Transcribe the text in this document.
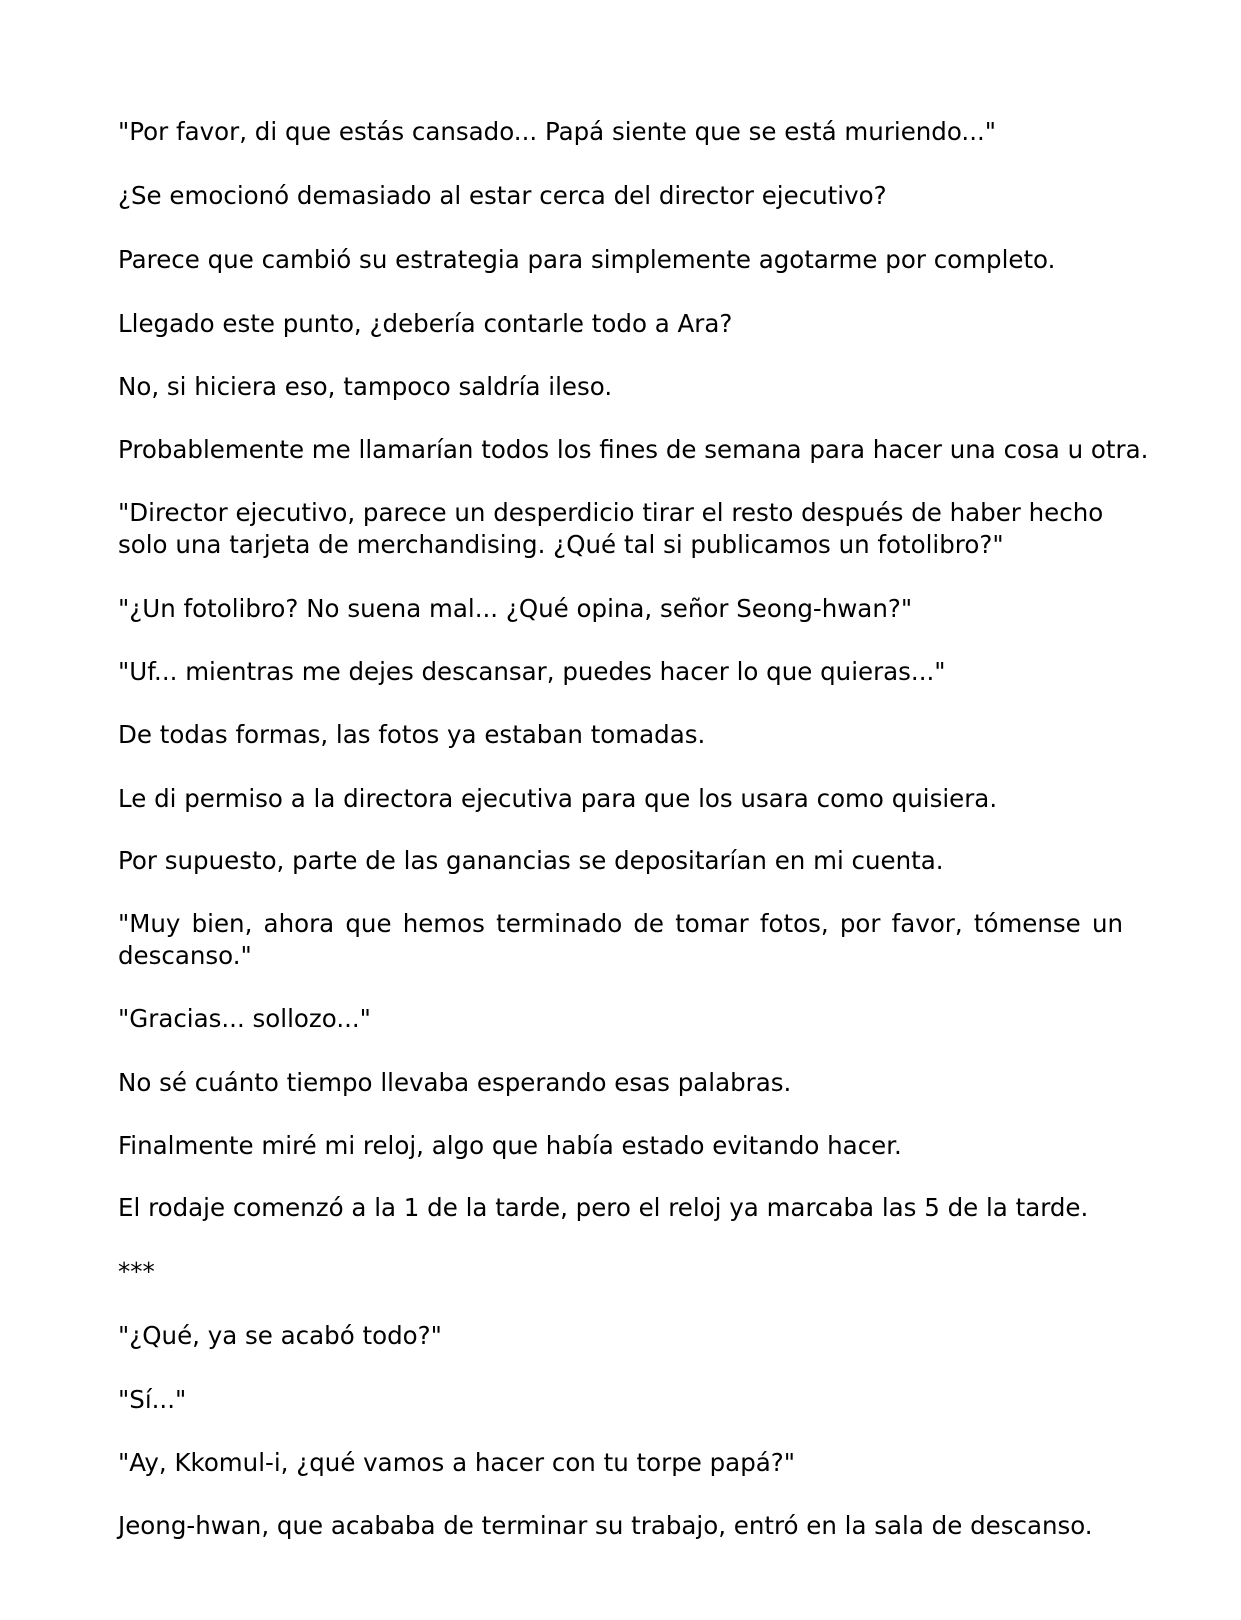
"Por favor, di que estás cansado... Papá siente que se está muriendo..."

¿Se emocionó demasiado al estar cerca del director ejecutivo?

Parece que cambió su estrategia para simplemente agotarme por completo.

Llegado este punto, ¿debería contarle todo a Ara?

No, si hiciera eso, tampoco saldría ileso.

Probablemente me llamarían todos los fines de semana para hacer una cosa u otra.

"Director ejecutivo, parece un desperdicio tirar el resto después de haber hecho solo una tarjeta de merchandising. ¿Qué tal si publicamos un fotolibro?"

"¿Un fotolibro? No suena mal... ¿Qué opina, señor Seong-hwan?"

"Uf... mientras me dejes descansar, puedes hacer lo que quieras..."

De todas formas, las fotos ya estaban tomadas.

Le di permiso a la directora ejecutiva para que los usara como quisiera.

Por supuesto, parte de las ganancias se depositarían en mi cuenta.

"Muy bien, ahora que hemos terminado de tomar fotos, por favor, tómense un descanso."

"Gracias... sollozo..."

No sé cuánto tiempo llevaba esperando esas palabras.

Finalmente miré mi reloj, algo que había estado evitando hacer.

El rodaje comenzó a la 1 de la tarde, pero el reloj ya marcaba las 5 de la tarde.

***

"¿Qué, ya se acabó todo?"

"Sí..."

"Ay, Kkomul-i, ¿qué vamos a hacer con tu torpe papá?"

Jeong-hwan, que acababa de terminar su trabajo, entró en la sala de descanso.
